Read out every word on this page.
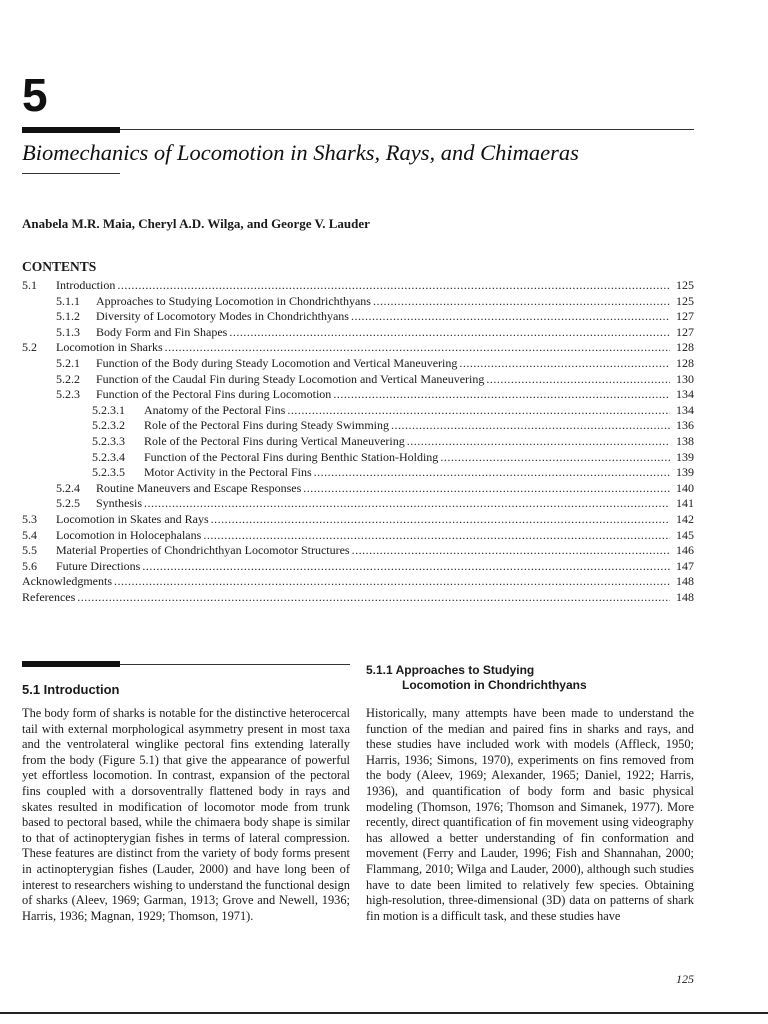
5
Biomechanics of Locomotion in Sharks, Rays, and Chimaeras
Anabela M.R. Maia, Cheryl A.D. Wilga, and George V. Lauder
CONTENTS
5.1	Introduction .....	125
5.1.1	Approaches to Studying Locomotion in Chondrichthyans .....	125
5.1.2	Diversity of Locomotory Modes in Chondrichthyans .....	127
5.1.3	Body Form and Fin Shapes .....	127
5.2	Locomotion in Sharks .....	128
5.2.1	Function of the Body during Steady Locomotion and Vertical Maneuvering .....	128
5.2.2	Function of the Caudal Fin during Steady Locomotion and Vertical Maneuvering .....	130
5.2.3	Function of the Pectoral Fins during Locomotion .....	134
5.2.3.1	Anatomy of the Pectoral Fins .....	134
5.2.3.2	Role of the Pectoral Fins during Steady Swimming .....	136
5.2.3.3	Role of the Pectoral Fins during Vertical Maneuvering .....	138
5.2.3.4	Function of the Pectoral Fins during Benthic Station-Holding .....	139
5.2.3.5	Motor Activity in the Pectoral Fins .....	139
5.2.4	Routine Maneuvers and Escape Responses .....	140
5.2.5	Synthesis .....	141
5.3	Locomotion in Skates and Rays .....	142
5.4	Locomotion in Holocephalans .....	145
5.5	Material Properties of Chondrichthyan Locomotor Structures .....	146
5.6	Future Directions .....	147
Acknowledgments .....	148
References .....	148
5.1 Introduction
The body form of sharks is notable for the distinctive heterocercal tail with external morphological asymmetry present in most taxa and the ventrolateral winglike pectoral fins extending laterally from the body (Figure 5.1) that give the appearance of powerful yet effortless locomotion. In contrast, expansion of the pectoral fins coupled with a dorsoventrally flattened body in rays and skates resulted in modification of locomotor mode from trunk based to pectoral based, while the chimaera body shape is similar to that of actinopterygian fishes in terms of lateral compression. These features are distinct from the variety of body forms present in actinopterygian fishes (Lauder, 2000) and have long been of interest to researchers wishing to understand the functional design of sharks (Aleev, 1969; Garman, 1913; Grove and Newell, 1936; Harris, 1936; Magnan, 1929; Thomson, 1971).
5.1.1 Approaches to Studying
Locomotion in Chondrichthyans
Historically, many attempts have been made to understand the function of the median and paired fins in sharks and rays, and these studies have included work with models (Affleck, 1950; Harris, 1936; Simons, 1970), experiments on fins removed from the body (Aleev, 1969; Alexander, 1965; Daniel, 1922; Harris, 1936), and quantification of body form and basic physical modeling (Thomson, 1976; Thomson and Simanek, 1977). More recently, direct quantification of fin movement using videography has allowed a better understanding of fin conformation and movement (Ferry and Lauder, 1996; Fish and Shannahan, 2000; Flammang, 2010; Wilga and Lauder, 2000), although such studies have to date been limited to relatively few species. Obtaining high-resolution, three-dimensional (3D) data on patterns of shark fin motion is a difficult task, and these studies have
125
